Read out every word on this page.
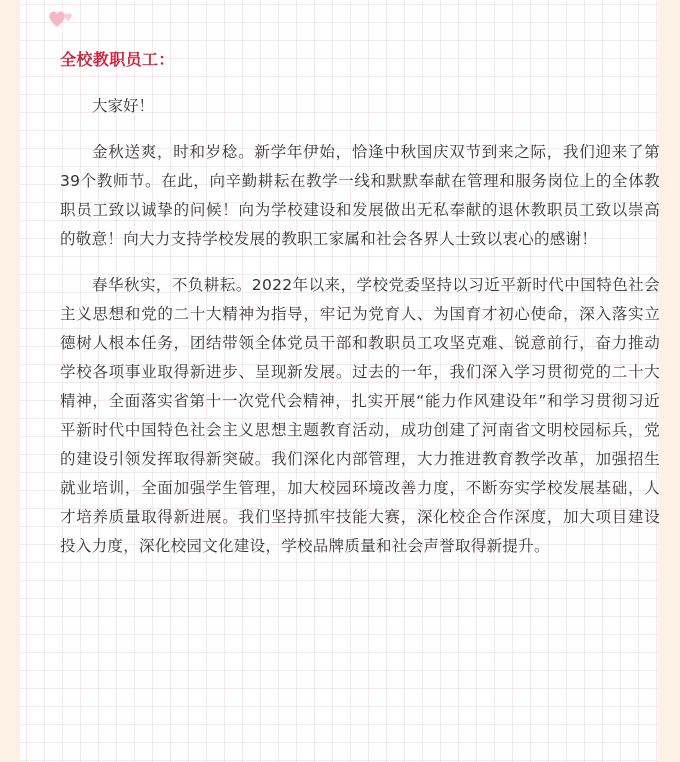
全校教职员工：

大家好！

金秋送爽，时和岁稔。新学年伊始，恰逢中秋国庆双节到来之际，我们迎来了第39个教师节。在此，向辛勤耕耘在教学一线和默默奉献在管理和服务岗位上的全体教职员工致以诚挚的问候！向为学校建设和发展做出无私奉献的退休教职员工致以崇高的敬意！向大力支持学校发展的教职工家属和社会各界人士致以衷心的感谢！

春华秋实，不负耕耘。2022年以来，学校党委坚持以习近平新时代中国特色社会主义思想和党的二十大精神为指导，牢记为党育人、为国育才初心使命，深入落实立德树人根本任务，团结带领全体党员干部和教职员工攻坚克难、锐意前行，奋力推动学校各项事业取得新进步、呈现新发展。过去的一年，我们深入学习贯彻党的二十大精神，全面落实省第十一次党代会精神，扎实开展“能力作风建设年”和学习贯彻习近平新时代中国特色社会主义思想主题教育活动，成功创建了河南省文明校园标兵，党的建设引领发挥取得新突破。我们深化内部管理，大力推进教育教学改革，加强招生就业培训，全面加强学生管理，加大校园环境改善力度，不断夯实学校发展基础，人才培养质量取得新进展。我们坚持抓牢技能大赛，深化校企合作深度，加大项目建设投入力度，深化校园文化建设，学校品牌质量和社会声誉取得新提升。
